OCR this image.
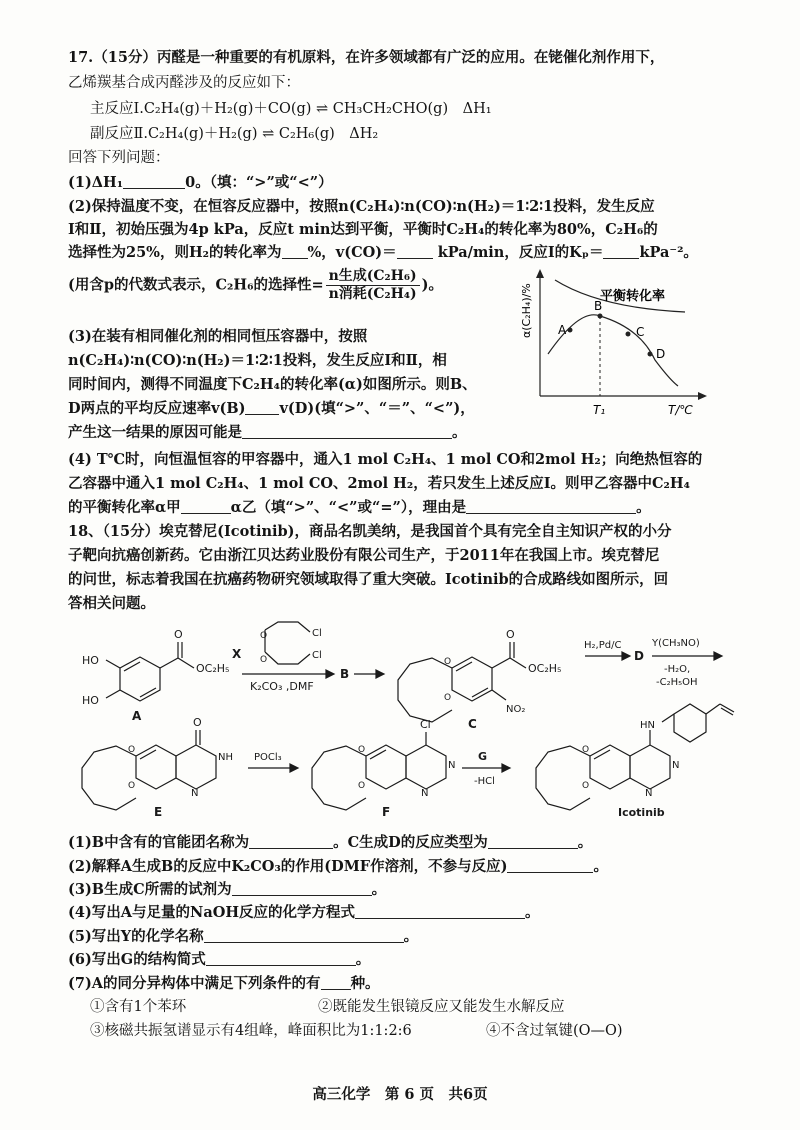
17.（15分）丙醛是一种重要的有机原料，在许多领域都有广泛的应用。在铑催化剂作用下，
乙烯羰基合成丙醛涉及的反应如下：
主反应Ⅰ.C₂H₄(g)＋H₂(g)＋CO(g) ⇌ CH₃CH₂CHO(g)　ΔH₁
副反应Ⅱ.C₂H₄(g)＋H₂(g) ⇌ C₂H₆(g)　ΔH₂
回答下列问题：
(1)ΔH₁	0。（填：“>”或“<”）
(2)保持温度不变，在恒容反应器中，按照n(C₂H₄)∶n(CO)∶n(H₂)＝1∶2∶1投料，发生反应
Ⅰ和Ⅱ，初始压强为4p kPa，反应t min达到平衡，平衡时C₂H₄的转化率为80%，C₂H₆的
选择性为25%，则H₂的转化率为 %，v(CO)＝	kPa/min，反应Ⅰ的Kₚ＝ kPa⁻²。
(用含p的代数式表示，C₂H₆的选择性= $\frac{\text{n生成(C₂H₆)}}{\text{n消耗(C₂H₄)}}$ )。
(3)在装有相同催化剂的相同恒压容器中，按照
n(C₂H₄)∶n(CO)∶n(H₂)＝1∶2∶1投料，发生反应Ⅰ和Ⅱ，相
同时间内，测得不同温度下C₂H₄的转化率(α)如图所示。则B、
D两点的平均反应速率v(B) v(D)(填“>”、“＝”、“<”)，
产生这一结果的原因可能是	。
(4) T℃时，向恒温恒容的甲容器中，通入1 mol C₂H₄、1 mol CO和2mol H₂；向绝热恒容的
乙容器中通入1 mol C₂H₄、1 mol CO、2mol H₂，若只发生上述反应Ⅰ。则甲乙容器中C₂H₄
的平衡转化率α甲	α乙（填“>”、“<”或“=”），理由是	。
α(C₂H₄)/%	平衡转化率
A
B
C
D
T₁	T/℃
18、（15分）埃克替尼(Icotinib)，商品名凯美纳，是我国首个具有完全自主知识产权的小分
子靶向抗癌创新药。它由浙江贝达药业股份有限公司生产，于2011年在我国上市。埃克替尼
的问世，标志着我国在抗癌药物研究领域取得了重大突破。Icotinib的合成路线如图所示，回
答相关问题。
HO
HO
O
OC₂H₅
A
X
O
O
Cl
Cl
K₂CO₃ ,DMF
B
O
O
O
OC₂H₅
NO₂
C
H₂,Pd/C
D
Y(CH₃NO)
-H₂O,
-C₂H₅OH
O
O
O
NH
N
E
POCl₃
O
O
Cl
N
N
F
G
-HCl
O
O
HN
N
N
Icotinib
(1)B中含有的官能团名称为	。C生成D的反应类型为	。
(2)解释A生成B的反应中K₂CO₃的作用(DMF作溶剂，不参与反应)	。
(3)B生成C所需的试剂为	。
(4)写出A与足量的NaOH反应的化学方程式	。
(5)写出Y的化学名称	。
(6)写出G的结构简式	。
(7)A的同分异构体中满足下列条件的有 种。
①含有1个苯环	②既能发生银镜反应又能发生水解反应
③核磁共振氢谱显示有4组峰，峰面积比为1:1:2:6	④不含过氧键(O—O)
高三化学　第 6 页　共6页
